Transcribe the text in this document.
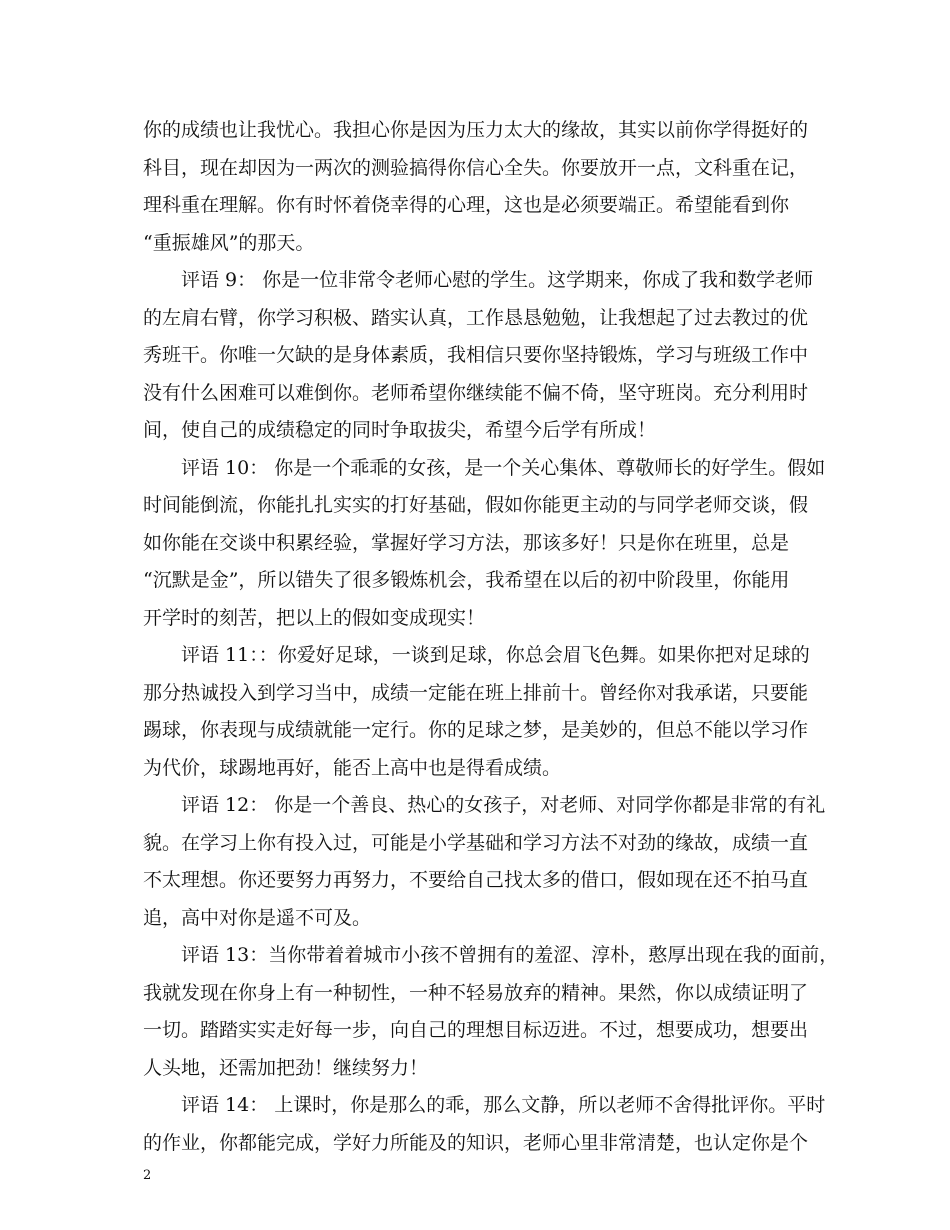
你的成绩也让我忧心。我担心你是因为压力太大的缘故，其实以前你学得挺好的
科目，现在却因为一两次的测验搞得你信心全失。你要放开一点，文科重在记，
理科重在理解。你有时怀着侥幸得的心理，这也是必须要端正。希望能看到你
“重振雄风”的那天。
评语 9： 你是一位非常令老师心慰的学生。这学期来，你成了我和数学老师
的左肩右臂，你学习积极、踏实认真，工作恳恳勉勉，让我想起了过去教过的优
秀班干。你唯一欠缺的是身体素质，我相信只要你坚持锻炼，学习与班级工作中
没有什么困难可以难倒你。老师希望你继续能不偏不倚，坚守班岗。充分利用时
间，使自己的成绩稳定的同时争取拔尖，希望今后学有所成！
评语 10： 你是一个乖乖的女孩，是一个关心集体、尊敬师长的好学生。假如
时间能倒流，你能扎扎实实的打好基础，假如你能更主动的与同学老师交谈，假
如你能在交谈中积累经验，掌握好学习方法，那该多好！只是你在班里，总是
“沉默是金”，所以错失了很多锻炼机会，我希望在以后的初中阶段里，你能用
开学时的刻苦，把以上的假如变成现实！
评语 11：：你爱好足球，一谈到足球，你总会眉飞色舞。如果你把对足球的
那分热诚投入到学习当中，成绩一定能在班上排前十。曾经你对我承诺，只要能
踢球，你表现与成绩就能一定行。你的足球之梦，是美妙的，但总不能以学习作
为代价，球踢地再好，能否上高中也是得看成绩。
评语 12： 你是一个善良、热心的女孩子，对老师、对同学你都是非常的有礼
貌。在学习上你有投入过，可能是小学基础和学习方法不对劲的缘故，成绩一直
不太理想。你还要努力再努力，不要给自己找太多的借口，假如现在还不拍马直
追，高中对你是遥不可及。
评语 13：当你带着着城市小孩不曾拥有的羞涩、淳朴，憨厚出现在我的面前，
我就发现在你身上有一种韧性，一种不轻易放弃的精神。果然，你以成绩证明了
一切。踏踏实实走好每一步，向自己的理想目标迈进。不过，想要成功，想要出
人头地，还需加把劲！继续努力！
评语 14： 上课时，你是那么的乖，那么文静，所以老师不舍得批评你。平时
的作业，你都能完成，学好力所能及的知识，老师心里非常清楚，也认定你是个
2
